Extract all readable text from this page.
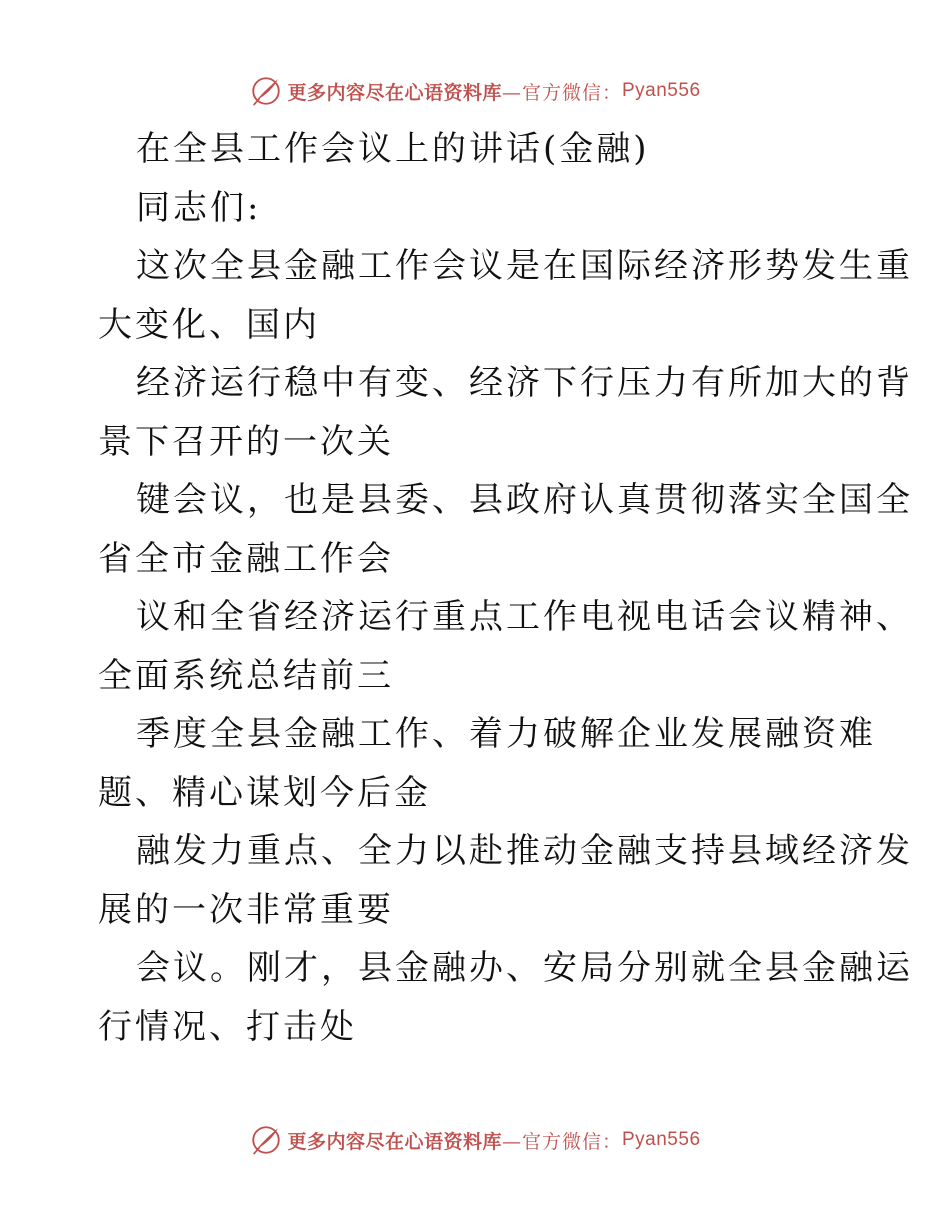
更多内容尽在心语资料库 —官方微信： Pyan556

在全县工作会议上的讲话(金融)

同志们:

这次全县金融工作会议是在国际经济形势发生重

大变化、国内

经济运行稳中有变、经济下行压力有所加大的背

景下召开的一次关

键会议，也是县委、县政府认真贯彻落实全国全

省全市金融工作会

议和全省经济运行重点工作电视电话会议精神、

全面系统总结前三

季度全县金融工作、着力破解企业发展融资难

题、精心谋划今后金

融发力重点、全力以赴推动金融支持县域经济发

展的一次非常重要

会议。刚才，县金融办、安局分别就全县金融运

行情况、打击处

更多内容尽在心语资料库 —官方微信： Pyan556
